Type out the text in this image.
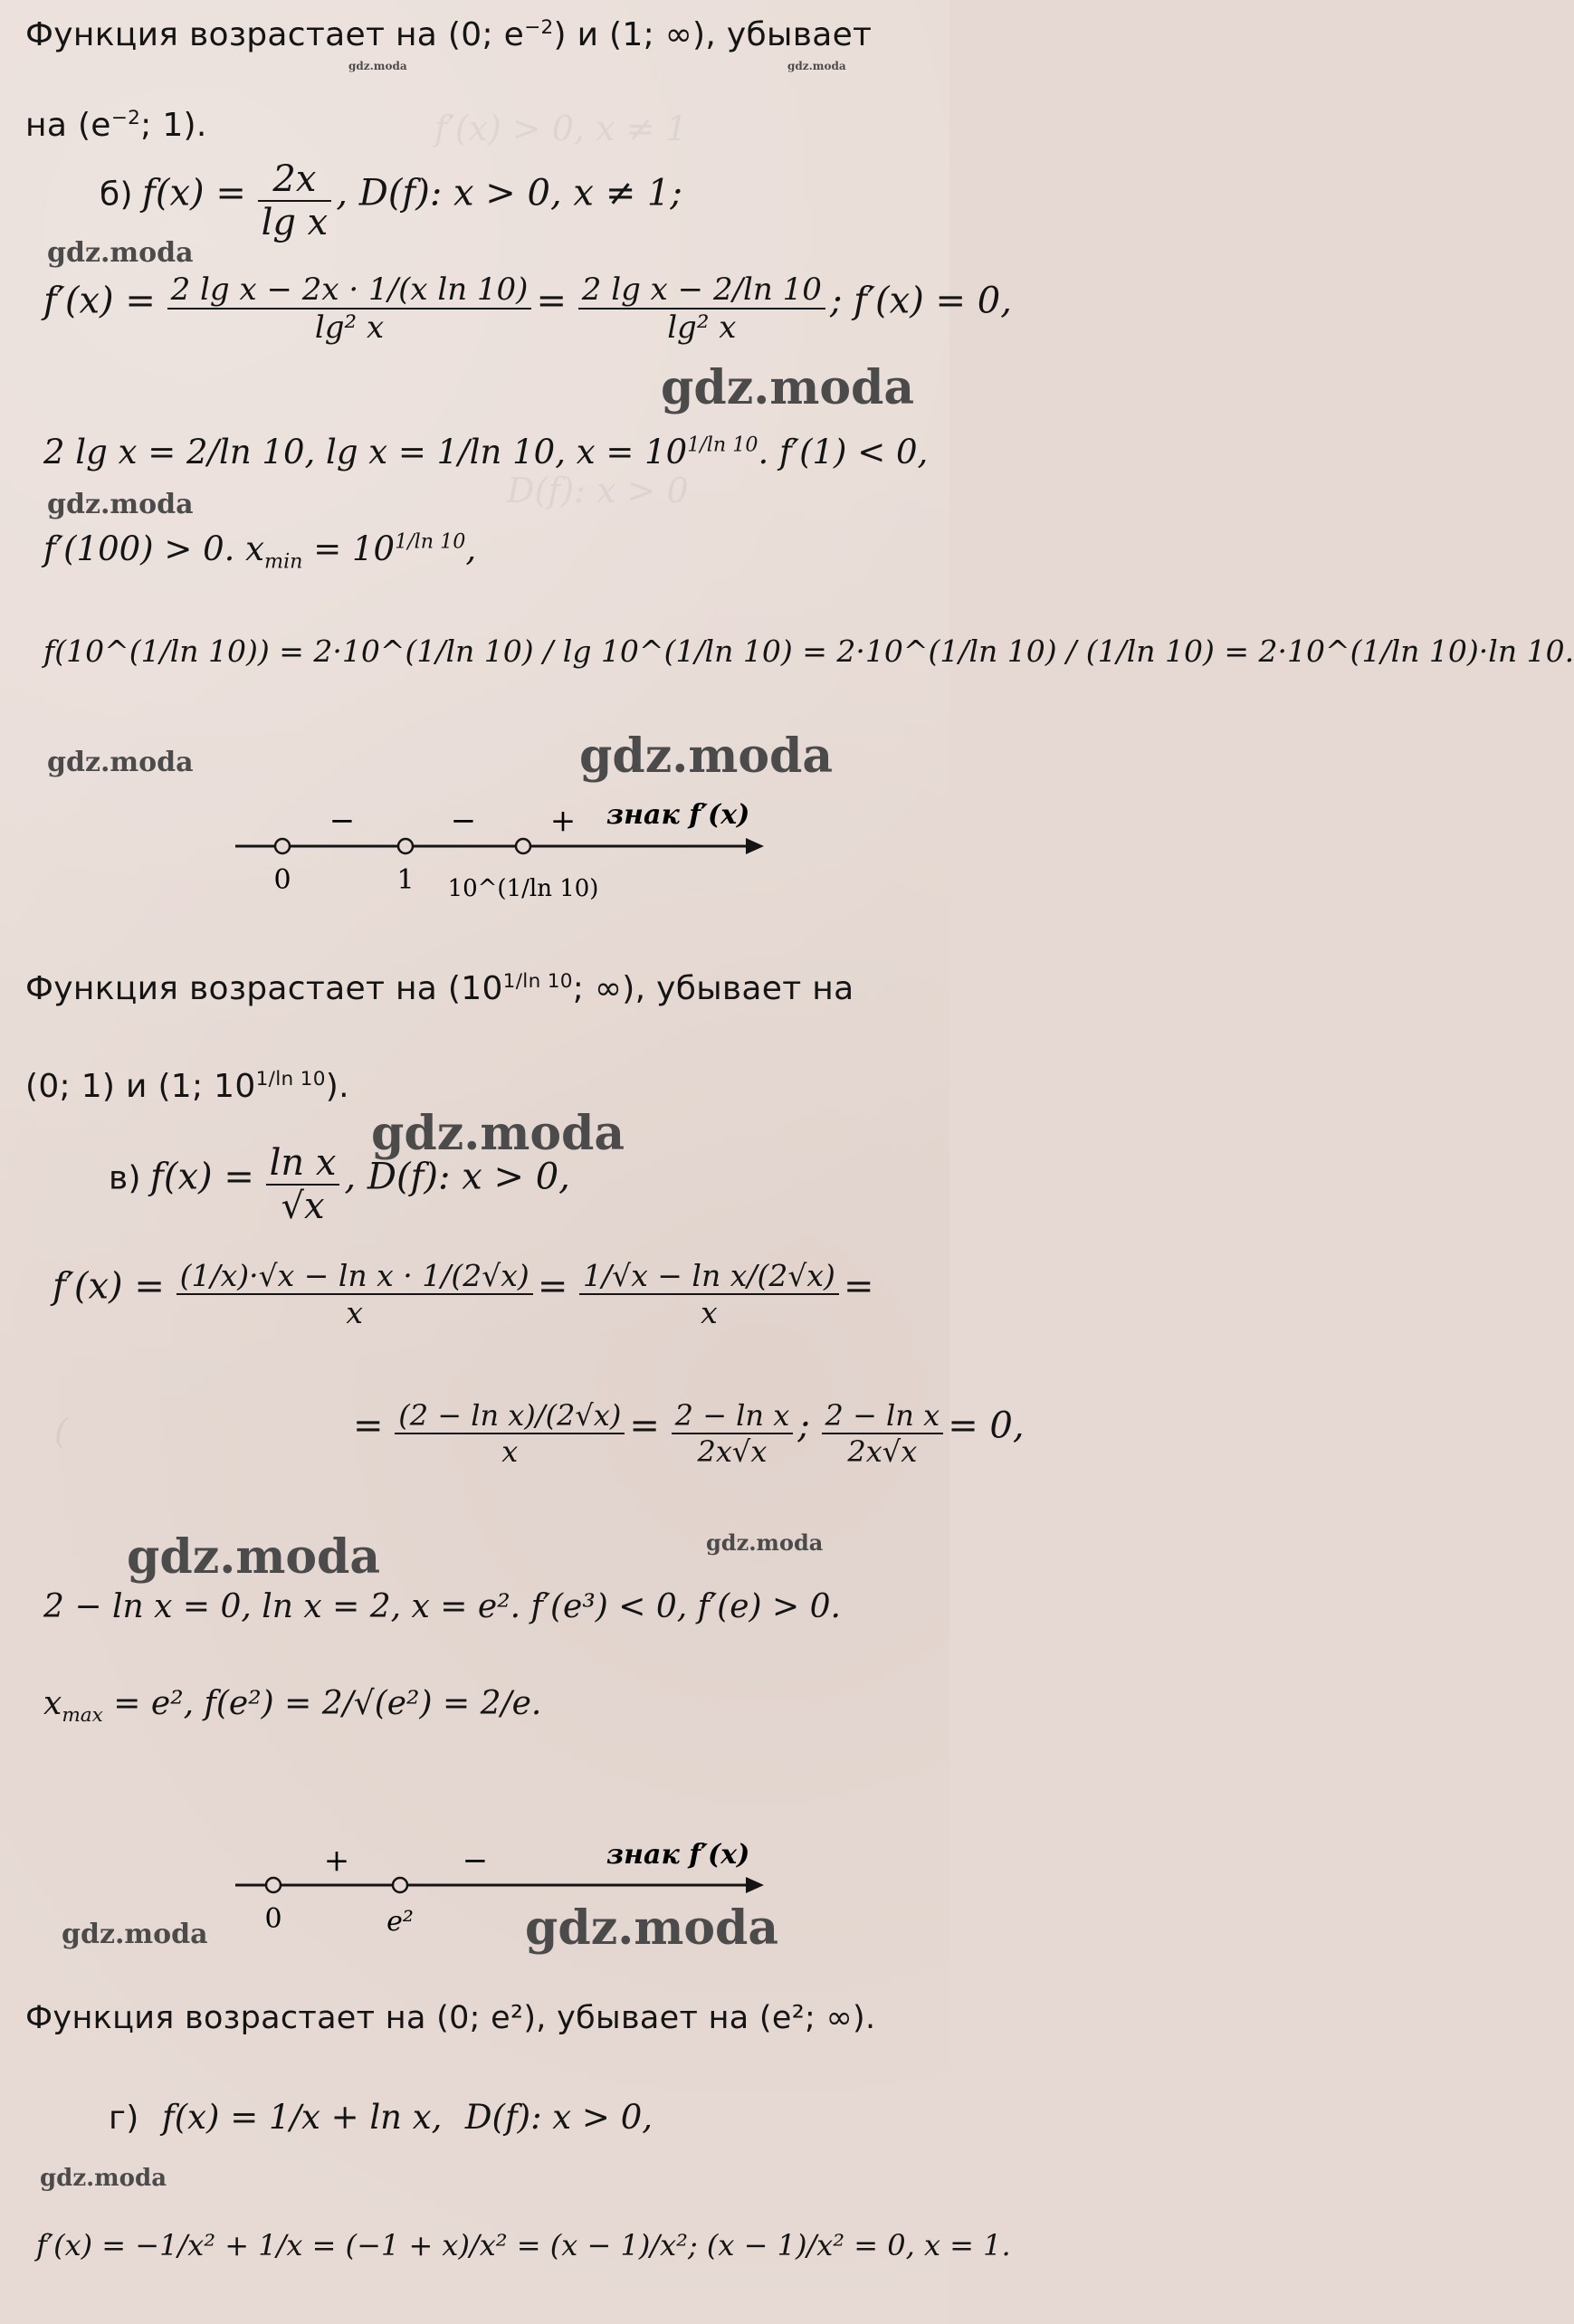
f′(x) > 0, x ≠ 1
D(f): x > 0
(
Функция возрастает на (0; $e^{-2}$) и (1; ∞), убывает
gdz.moda	gdz.moda
на ($e^{-2}$; 1).
б) $f(x) = \frac{2x}{\text{lg x}}$ , D(f): x > 0, x ≠ 1;
gdz.moda
$f'(x) = \frac{\text{2 lg x − 2x · 1/(x ln 10)}}{\text{lg² x}} = \frac{\text{2 lg x − 2/ln 10}}{\text{lg² x}}$ ; f′(x) = 0,
gdz.moda
2 lg x = 2/ln 10, lg x = 1/ln 10, $x = 10^{1/ln 10}$. f′(1) < 0,
gdz.moda
f′(100) > 0. $x_{min} = 10^{1/ln 10}$,
f(10^(1/ln 10)) = 2·10^(1/ln 10) / lg 10^(1/ln 10) = 2·10^(1/ln 10) / (1/ln 10) = 2·10^(1/ln 10)·ln 10.
gdz.moda	gdz.moda
−	− + знак f′(x)
0	1 10^(1/ln 10)
Функция возрастает на ($10^{1/ln 10}$; ∞), убывает на
(0; 1) и (1; $10^{1/ln 10}$).
gdz.moda
в) $f(x) = \frac{\text{ln x}}{√x}$ , D(f): x > 0,
$f'(x) = \frac{\text{(1/x)·√x − ln x · 1/(2√x)}}{x} = \frac{\text{1/√x − ln x/(2√x)}}{x}$ =
= $\frac{\text{(2 − ln x)/(2√x)}}{x} = \frac{\text{2 − ln x}}{2x√x}$ ; $\frac{\text{2 − ln x}}{2x√x} = 0$,
gdz.moda	gdz.moda
2 − ln x = 0, ln x = 2, x = e². f′(e³) < 0, f′(e) > 0.
$x_{max} = e^2$, f(e²) = 2/√(e²) = 2/e.
+	−	знак f′(x)
0	e²
gdz.moda	gdz.moda
Функция возрастает на (0; e²), убывает на (e²; ∞).
г) f(x) = 1/x + ln x, D(f): x > 0,
gdz.moda
f′(x) = −1/x² + 1/x = (−1 + x)/x² = (x − 1)/x²; (x − 1)/x² = 0, x = 1.
